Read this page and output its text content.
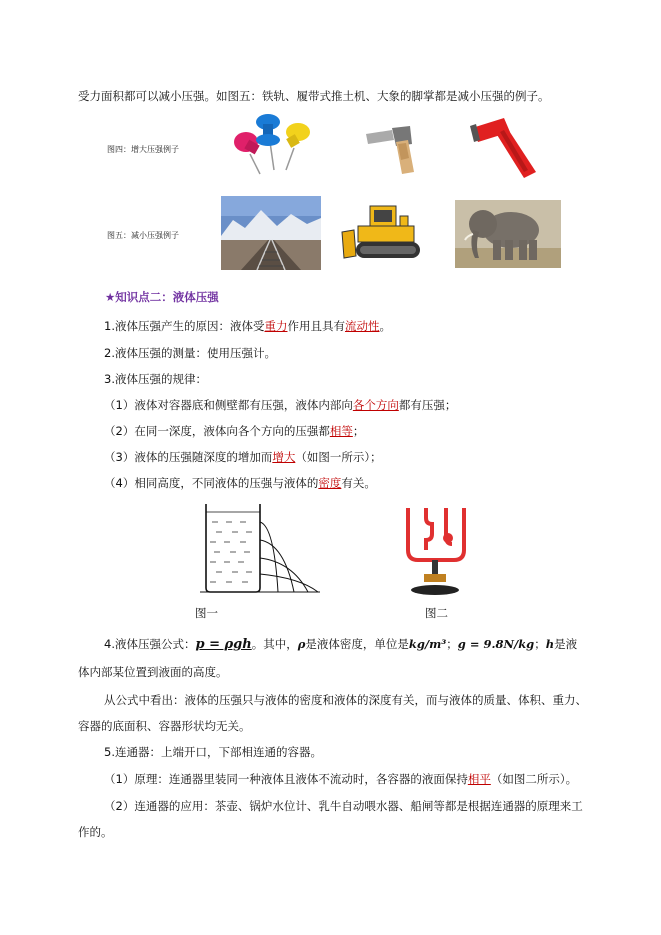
受力面积都可以减小压强。如图五：铁轨、履带式推土机、大象的脚掌都是减小压强的例子。
图四：增大压强例子
图五：减小压强例子
★知识点二：液体压强
1.液体压强产生的原因：液体受重力作用且具有流动性。
2.液体压强的测量：使用压强计。
3.液体压强的规律：
（1）液体对容器底和侧壁都有压强，液体内部向各个方向都有压强；
（2）在同一深度，液体向各个方向的压强都相等；
（3）液体的压强随深度的增加而增大（如图一所示）；
（4）相同高度，不同液体的压强与液体的密度有关。
图一	图二
4.液体压强公式：p = ρgh。其中，ρ是液体密度，单位是kg/m³；g = 9.8N/kg；h是液
体内部某位置到液面的高度。
从公式中看出：液体的压强只与液体的密度和液体的深度有关，而与液体的质量、体积、重力、
容器的底面积、容器形状均无关。
5.连通器：上端开口，下部相连通的容器。
（1）原理：连通器里装同一种液体且液体不流动时，各容器的液面保持相平（如图二所示）。
（2）连通器的应用：茶壶、锅炉水位计、乳牛自动喂水器、船闸等都是根据连通器的原理来工
作的。
